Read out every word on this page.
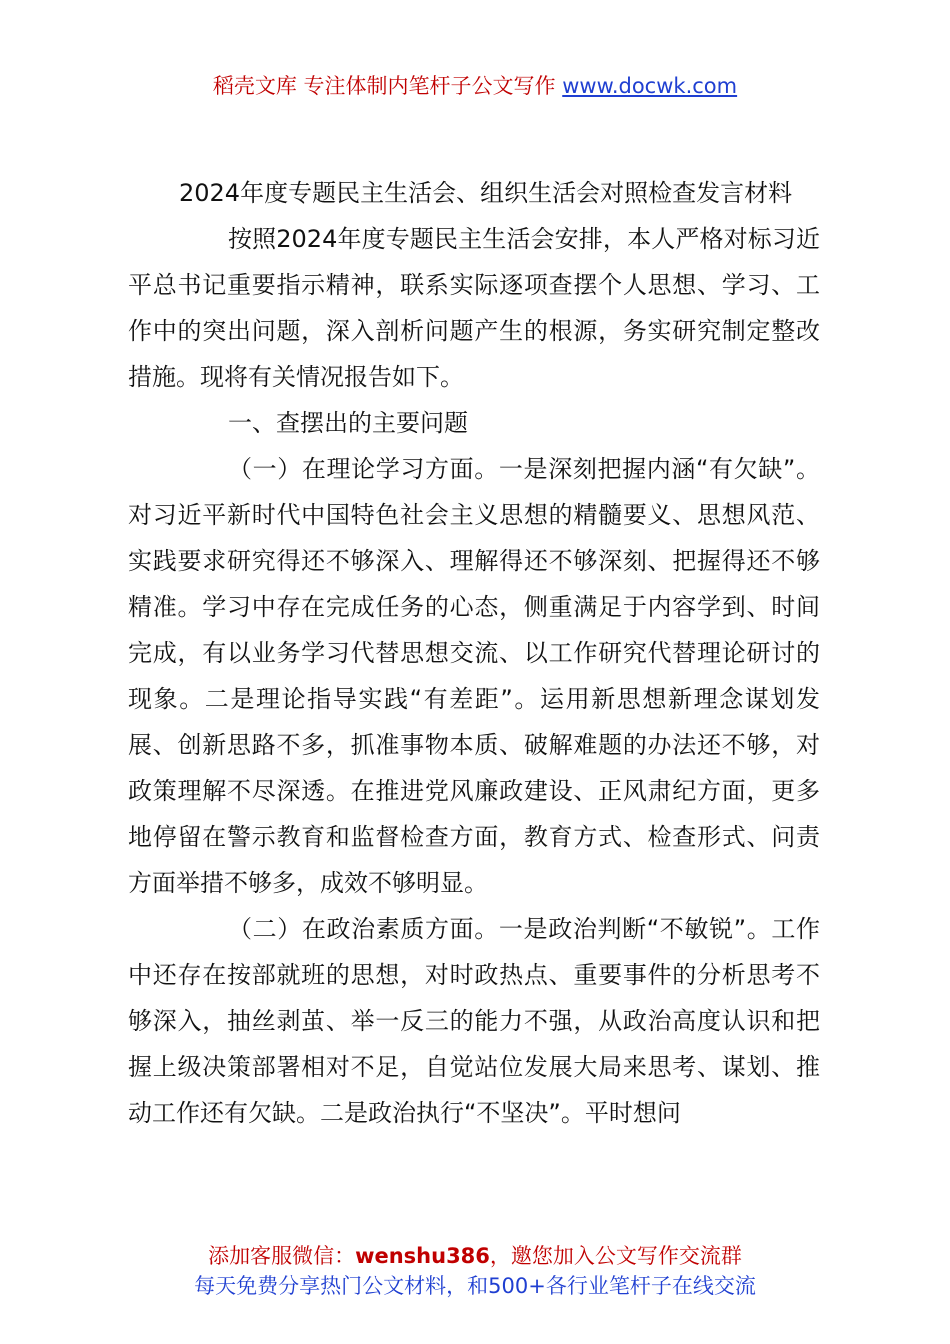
稻壳文库 专注体制内笔杆子公文写作 www.docwk.com

2024年度专题民主生活会、组织生活会对照检查发言材料

按照2024年度专题民主生活会安排，本人严格对标习近平总书记重要指示精神，联系实际逐项查摆个人思想、学习、工作中的突出问题，深入剖析问题产生的根源，务实研究制定整改措施。现将有关情况报告如下。

一、查摆出的主要问题

（一）在理论学习方面。一是深刻把握内涵“有欠缺”。对习近平新时代中国特色社会主义思想的精髓要义、思想风范、实践要求研究得还不够深入、理解得还不够深刻、把握得还不够精准。学习中存在完成任务的心态，侧重满足于内容学到、时间完成，有以业务学习代替思想交流、以工作研究代替理论研讨的现象。二是理论指导实践“有差距”。运用新思想新理念谋划发展、创新思路不多，抓准事物本质、破解难题的办法还不够，对政策理解不尽深透。在推进党风廉政建设、正风肃纪方面，更多地停留在警示教育和监督检查方面，教育方式、检查形式、问责方面举措不够多，成效不够明显。

（二）在政治素质方面。一是政治判断“不敏锐”。工作中还存在按部就班的思想，对时政热点、重要事件的分析思考不够深入，抽丝剥茧、举一反三的能力不强，从政治高度认识和把握上级决策部署相对不足，自觉站位发展大局来思考、谋划、推动工作还有欠缺。二是政治执行“不坚决”。平时想问

添加客服微信：wenshu386，邀您加入公文写作交流群
每天免费分享热门公文材料，和500+各行业笔杆子在线交流
